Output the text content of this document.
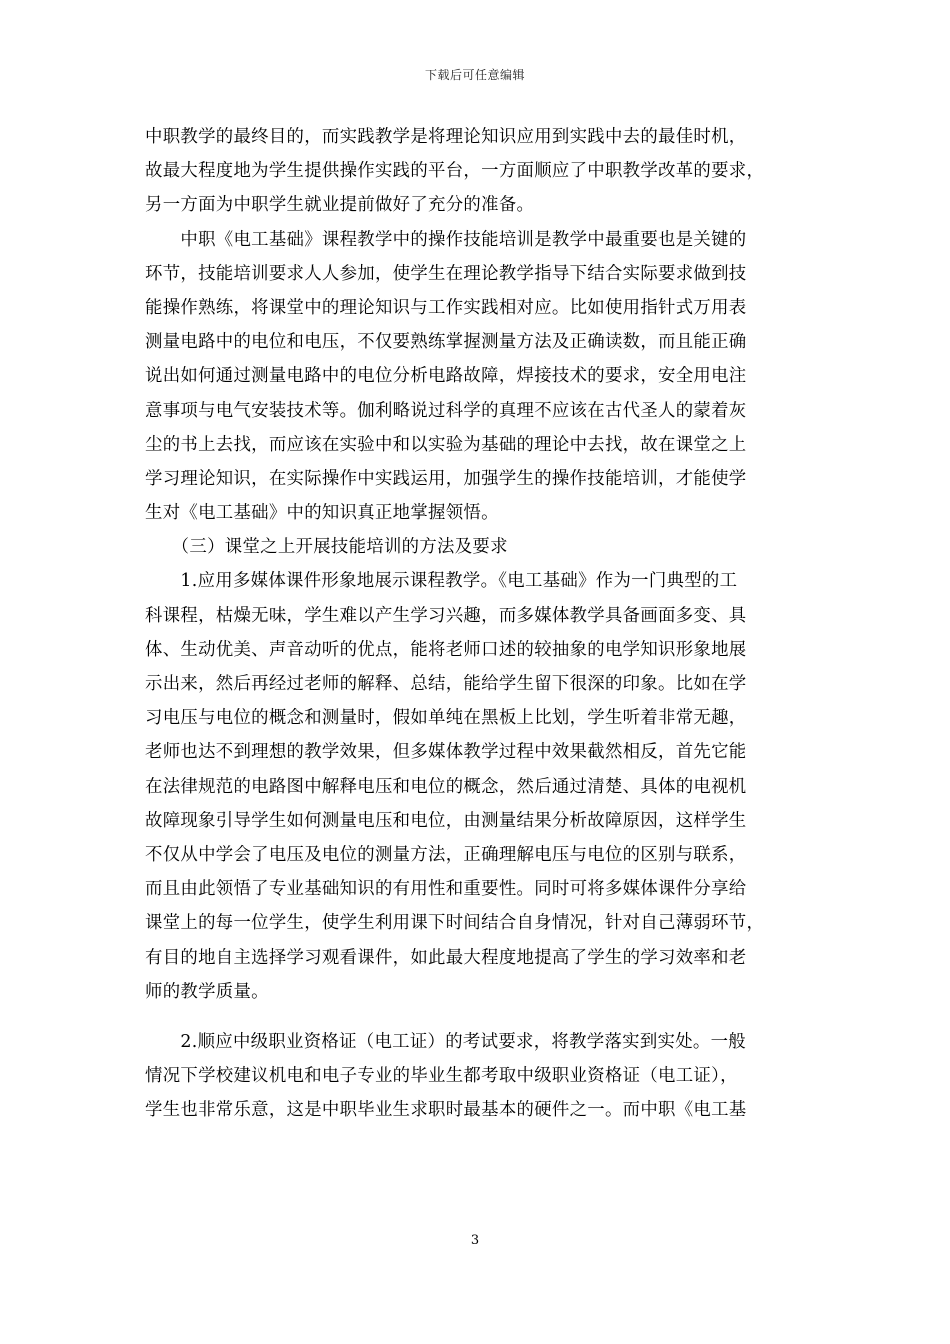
下载后可任意编辑
中职教学的最终目的，而实践教学是将理论知识应用到实践中去的最佳时机，
故最大程度地为学生提供操作实践的平台，一方面顺应了中职教学改革的要求，
另一方面为中职学生就业提前做好了充分的准备。
　　中职《电工基础》课程教学中的操作技能培训是教学中最重要也是关键的
环节，技能培训要求人人参加，使学生在理论教学指导下结合实际要求做到技
能操作熟练，将课堂中的理论知识与工作实践相对应。比如使用指针式万用表
测量电路中的电位和电压，不仅要熟练掌握测量方法及正确读数，而且能正确
说出如何通过测量电路中的电位分析电路故障，焊接技术的要求，安全用电注
意事项与电气安装技术等。伽利略说过科学的真理不应该在古代圣人的蒙着灰
尘的书上去找，而应该在实验中和以实验为基础的理论中去找，故在课堂之上
学习理论知识，在实际操作中实践运用，加强学生的操作技能培训，才能使学
生对《电工基础》中的知识真正地掌握领悟。
　　（三）课堂之上开展技能培训的方法及要求
　　1.应用多媒体课件形象地展示课程教学。《电工基础》作为一门典型的工
科课程，枯燥无味，学生难以产生学习兴趣，而多媒体教学具备画面多变、具
体、生动优美、声音动听的优点，能将老师口述的较抽象的电学知识形象地展
示出来，然后再经过老师的解释、总结，能给学生留下很深的印象。比如在学
习电压与电位的概念和测量时，假如单纯在黑板上比划，学生听着非常无趣，
老师也达不到理想的教学效果，但多媒体教学过程中效果截然相反，首先它能
在法律规范的电路图中解释电压和电位的概念，然后通过清楚、具体的电视机
故障现象引导学生如何测量电压和电位，由测量结果分析故障原因，这样学生
不仅从中学会了电压及电位的测量方法，正确理解电压与电位的区别与联系，
而且由此领悟了专业基础知识的有用性和重要性。同时可将多媒体课件分享给
课堂上的每一位学生，使学生利用课下时间结合自身情况，针对自己薄弱环节，
有目的地自主选择学习观看课件，如此最大程度地提高了学生的学习效率和老
师的教学质量。
　　2.顺应中级职业资格证（电工证）的考试要求，将教学落实到实处。一般
情况下学校建议机电和电子专业的毕业生都考取中级职业资格证（电工证），
学生也非常乐意，这是中职毕业生求职时最基本的硬件之一。而中职《电工基
3
